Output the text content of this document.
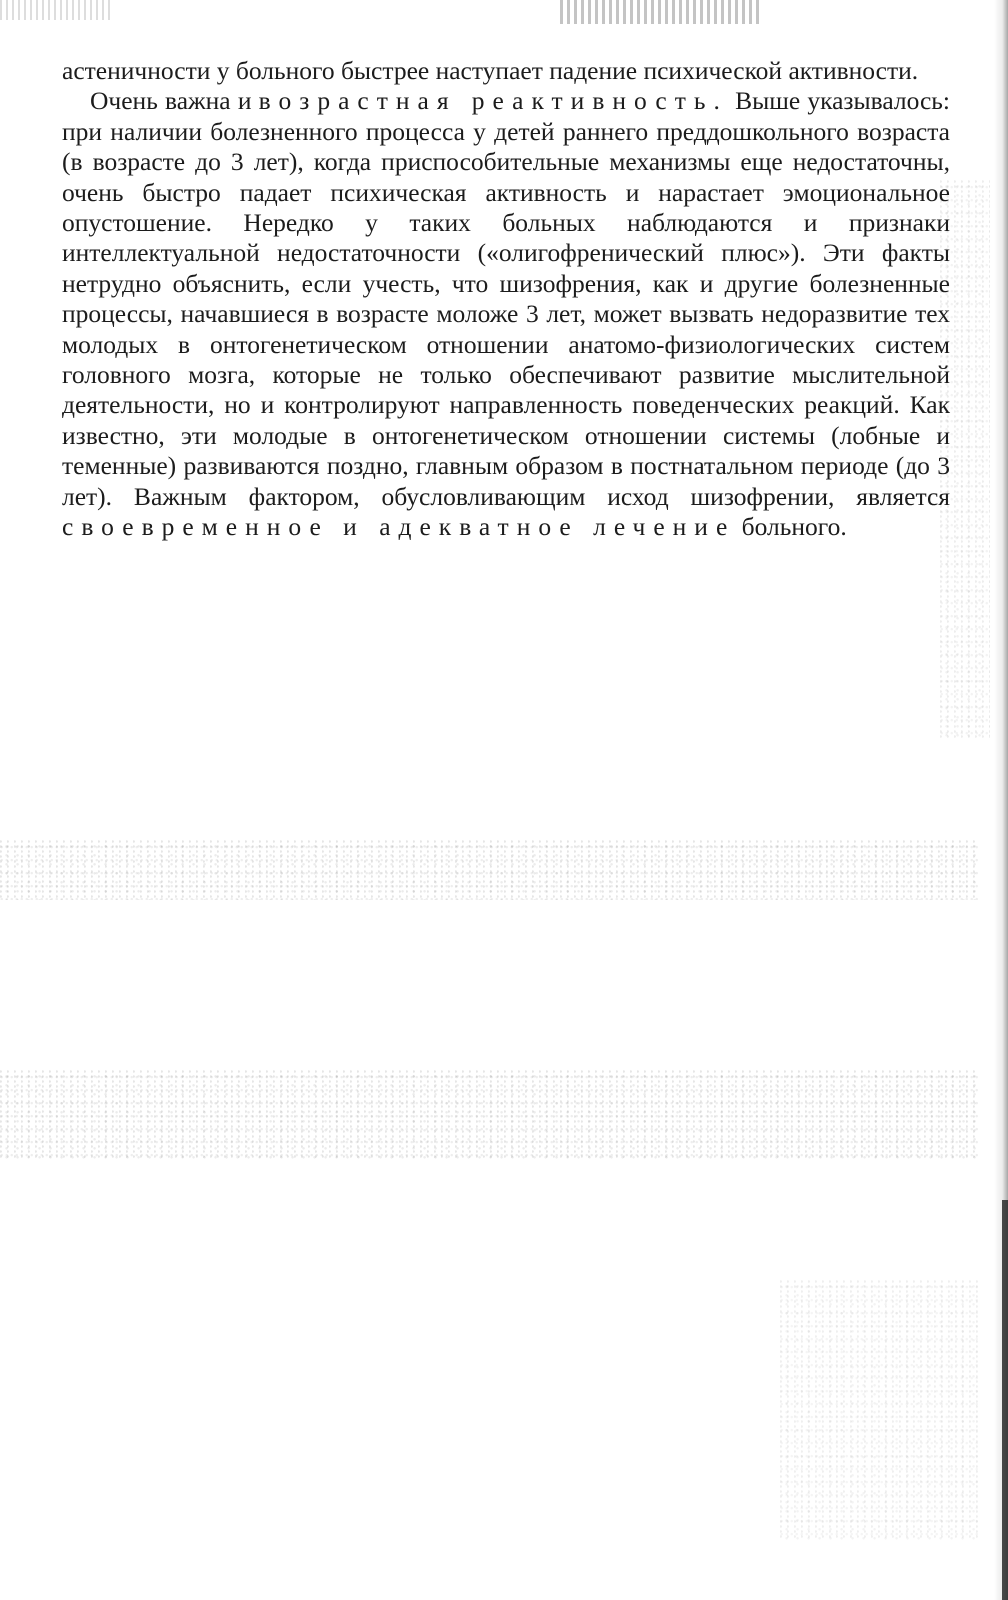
астеничности у больного быстрее наступает падение психической активности.

Очень важна и возрастная реактивность. Выше указывалось: при наличии болезненного процесса у детей раннего преддошкольного возраста (в возрасте до 3 лет), когда приспособительные механизмы еще недостаточны, очень быстро падает психическая активность и нарастает эмоциональное опустошение. Нередко у таких больных наблюдаются и признаки интеллектуальной недостаточности («олигофренический плюс»). Эти факты нетрудно объяснить, если учесть, что шизофрения, как и другие болезненные процессы, начавшиеся в возрасте моложе 3 лет, может вызвать недоразвитие тех молодых в онтогенетическом отношении анатомо-физиологических систем головного мозга, которые не только обеспечивают развитие мыслительной деятельности, но и контролируют направленность поведенческих реакций. Как известно, эти молодые в онтогенетическом отношении системы (лобные и теменные) развиваются поздно, главным образом в постнатальном периоде (до 3 лет). Важным фактором, обусловливающим исход шизофрении, является своевременное и адекватное лечение больного.
